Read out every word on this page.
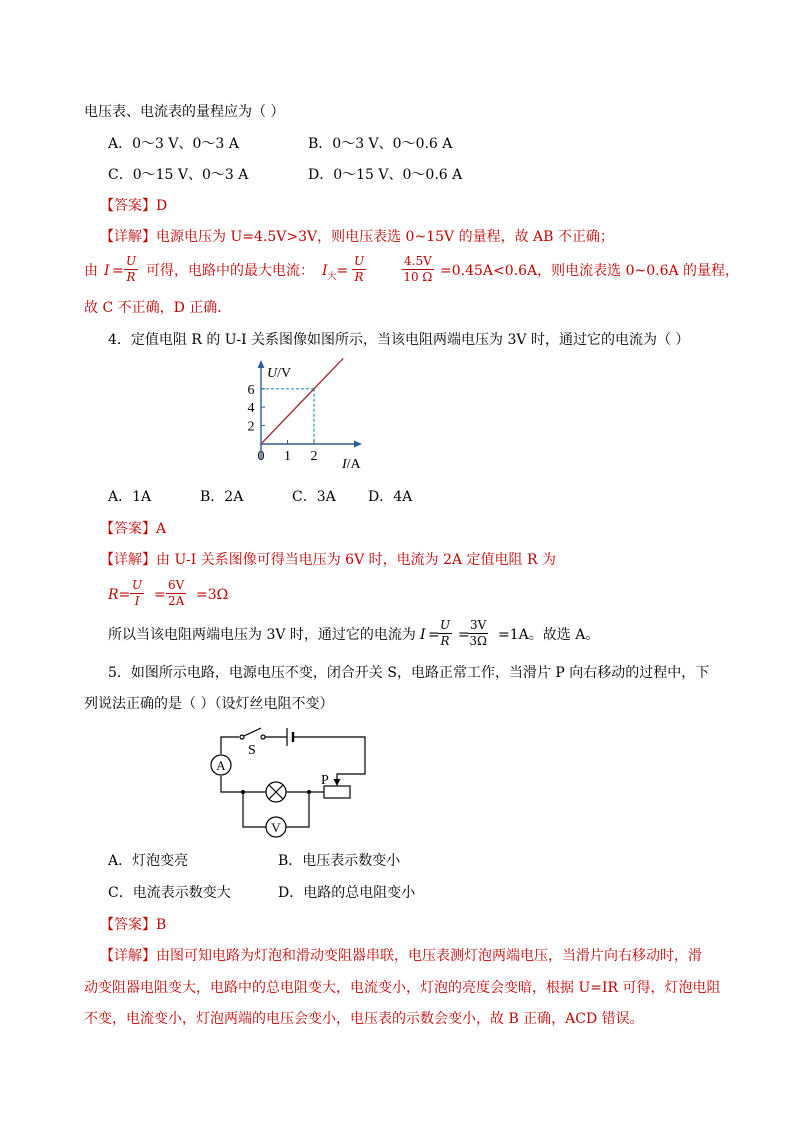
电压表、电流表的量程应为（ ）
A．0～3 V、0～3 A	B．0～3 V、0～0.6 A
C．0～15 V、0～3 A	D．0～15 V、0～0.6 A
【答案】D
【详解】电源电压为 U=4.5V>3V，则电压表选 0~15V 的量程，故 AB 不正确；
由 $I = \frac{U}{R}$ 可得，电路中的最大电流： $I_大= \frac{U}{R}$	$\frac{4.5V}{10 \Omega} =0.45A<0.6A$，则电流表选 0~0.6A 的量程，
故 C 不正确，D 正确．
4．定值电阻 R 的 U-I 关系图像如图所示，当该电阻两端电压为 3V 时，通过它的电流为（ ）
U/V
I/A
2
4
6
0 1 2
A．1A	B．2A	C．3A D．4A
【答案】A
【详解】由 U-I 关系图像可得当电压为 6V 时，电流为 2A 定值电阻 R 为
$R= \frac{U}{I} = \frac{6V}{2A} =3\Omega$
所以当该电阻两端电压为 3V 时，通过它的电流为 I =
$\frac{U}{R}$ =
$\frac{3V}{3\Omega} =1A$。故选 A。
5．如图所示电路，电源电压不变，闭合开关 S，电路正常工作，当滑片 P 向右移动的过程中，下
列说法正确的是（ ）（设灯丝电阻不变）
A
V
S
P
A．灯泡变亮	B．电压表示数变小
C．电流表示数变大	D．电路的总电阻变小
【答案】B
【详解】由图可知电路为灯泡和滑动变阻器串联，电压表测灯泡两端电压，当滑片向右移动时，滑
动变阻器电阻变大，电路中的总电阻变大，电流变小，灯泡的亮度会变暗，根据 U=IR 可得，灯泡电阻
不变，电流变小，灯泡两端的电压会变小，电压表的示数会变小，故 B 正确，ACD 错误。
